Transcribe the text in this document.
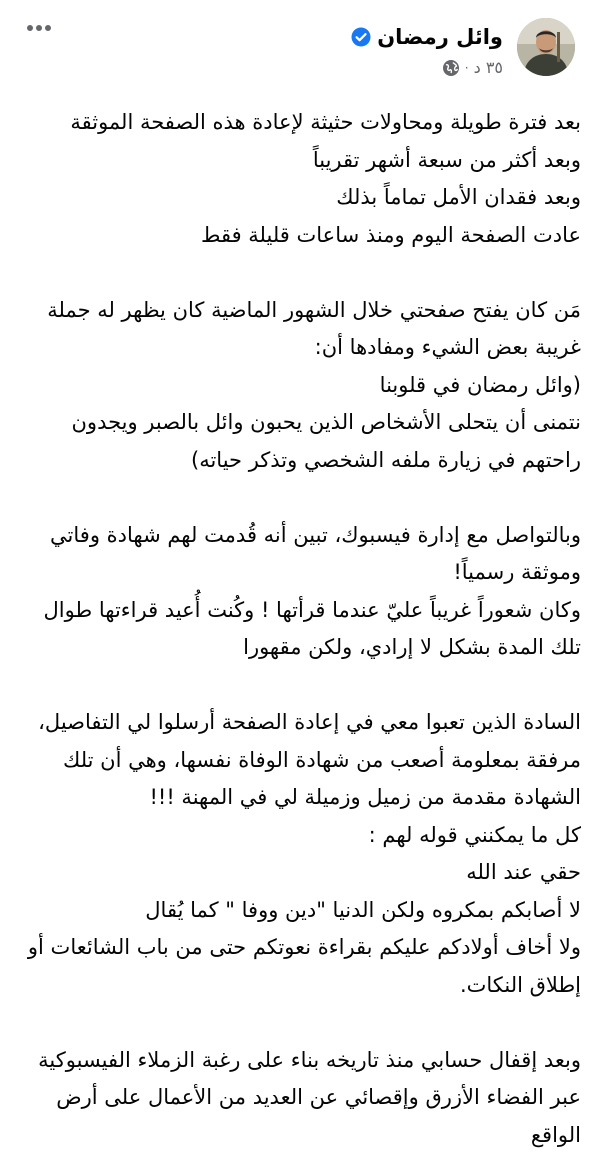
وائل رمضان
٣٥ د
·
بعد فترة طويلة ومحاولات حثيثة لإعادة هذه الصفحة الموثقة
وبعد أكثر من سبعة أشهر تقريباً
وبعد فقدان الأمل تماماً بذلك
عادت الصفحة اليوم ومنذ ساعات قليلة فقط
مَن كان يفتح صفحتي خلال الشهور الماضية كان يظهر له جملة
غريبة بعض الشيء ومفادها أن:
(وائل رمضان في قلوبنا
نتمنى أن يتحلى الأشخاص الذين يحبون وائل بالصبر ويجدون
راحتهم في زيارة ملفه الشخصي وتذكر حياته)
وبالتواصل مع إدارة فيسبوك، تبين أنه قُدمت لهم شهادة وفاتي
وموثقة رسمياً!
وكان شعوراً غريباً عليّ عندما قرأتها ! وكُنت أُعيد قراءتها طوال
تلك المدة بشكل لا إرادي، ولكن مقهورا
السادة الذين تعبوا معي في إعادة الصفحة أرسلوا لي التفاصيل،
مرفقة بمعلومة أصعب من شهادة الوفاة نفسها، وهي أن تلك
الشهادة مقدمة من زميل وزميلة لي في المهنة !!!
كل ما يمكنني قوله لهم :
حقي عند الله
لا أصابكم بمكروه ولكن الدنيا "دين ووفا " كما يُقال
ولا أخاف أولادكم عليكم بقراءة نعوتكم حتى من باب الشائعات أو
إطلاق النكات.
وبعد إقفال حسابي منذ تاريخه بناء على رغبة الزملاء الفيسبوكية
عبر الفضاء الأزرق وإقصائي عن العديد من الأعمال على أرض
الواقع
